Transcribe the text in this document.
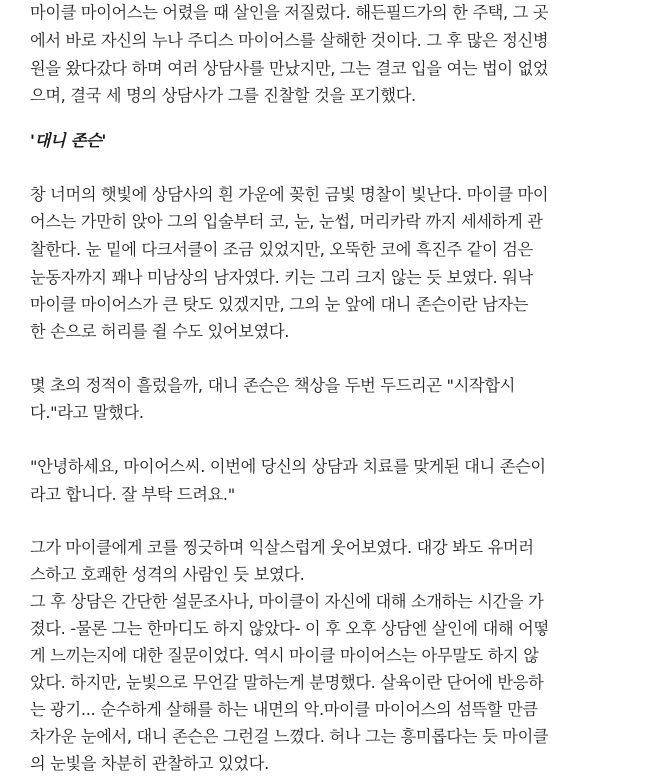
마이클 마이어스는 어렸을 때 살인을 저질렀다. 해든필드가의 한 주택, 그 곳
에서 바로 자신의 누나 주디스 마이어스를 살해한 것이다. 그 후 많은 정신병
원을 왔다갔다 하며 여러 상담사를 만났지만, 그는 결코 입을 여는 법이 없었
으며, 결국 세 명의 상담사가 그를 진찰할 것을 포기했다.
'대니 존슨'
창 너머의 햇빛에 상담사의 흰 가운에 꽂힌 금빛 명찰이 빛난다. 마이클 마이
어스는 가만히 앉아 그의 입술부터 코, 눈, 눈썹, 머리카락 까지 세세하게 관
찰한다. 눈 밑에 다크서클이 조금 있었지만, 오뚝한 코에 흑진주 같이 검은
눈동자까지 꽤나 미남상의 남자였다. 키는 그리 크지 않는 듯 보였다. 워낙
마이클 마이어스가 큰 탓도 있겠지만, 그의 눈 앞에 대니 존슨이란 남자는
한 손으로 허리를 쥘 수도 있어보였다.
몇 초의 정적이 흘렀을까, 대니 존슨은 책상을 두번 두드리곤 "시작합시
다."라고 말했다.
"안녕하세요, 마이어스씨. 이번에 당신의 상담과 치료를 맞게된 대니 존슨이
라고 합니다. 잘 부탁 드려요."
그가 마이클에게 코를 찡긋하며 익살스럽게 웃어보였다. 대강 봐도 유머러
스하고 호쾌한 성격의 사람인 듯 보였다.
그 후 상담은 간단한 설문조사나, 마이클이 자신에 대해 소개하는 시간을 가
졌다. -물론 그는 한마디도 하지 않았다- 이 후 오후 상담엔 살인에 대해 어떻
게 느끼는지에 대한 질문이었다. 역시 마이클 마이어스는 아무말도 하지 않
았다. 하지만, 눈빛으로 무언갈 말하는게 분명했다. 살육이란 단어에 반응하
는 광기... 순수하게 살해를 하는 내면의 악.마이클 마이어스의 섬뜩할 만큼
차가운 눈에서, 대니 존슨은 그런걸 느꼈다. 허나 그는 흥미롭다는 듯 마이클
의 눈빛을 차분히 관찰하고 있었다.
